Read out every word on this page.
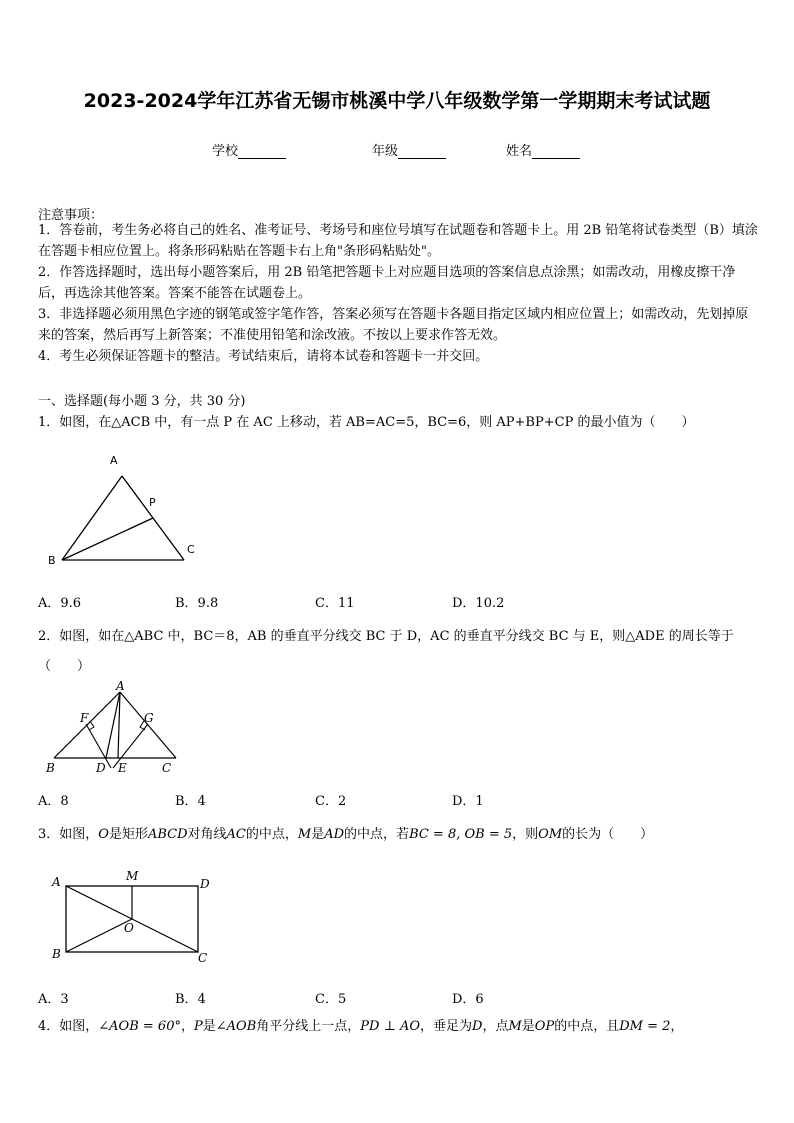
2023-2024学年江苏省无锡市桃溪中学八年级数学第一学期期末考试试题
学校	年级	姓名
注意事项：
1．答卷前，考生务必将自己的姓名、准考证号、考场号和座位号填写在试题卷和答题卡上。用 2B 铅笔将试卷类型（B）填涂在答题卡相应位置上。将条形码粘贴在答题卡右上角"条形码粘贴处"。
2．作答选择题时，选出每小题答案后，用 2B 铅笔把答题卡上对应题目选项的答案信息点涂黑；如需改动，用橡皮擦干净后，再选涂其他答案。答案不能答在试题卷上。
3．非选择题必须用黑色字迹的钢笔或签字笔作答，答案必须写在答题卡各题目指定区域内相应位置上；如需改动，先划掉原来的答案，然后再写上新答案；不准使用铅笔和涂改液。不按以上要求作答无效。
4．考生必须保证答题卡的整洁。考试结束后，请将本试卷和答题卡一并交回。
一、选择题(每小题 3 分，共 30 分)
1．如图，在△ACB 中，有一点 P 在 AC 上移动，若 AB=AC=5，BC=6，则 AP+BP+CP 的最小值为（　　）
A
B
C
P
A．9.6	B．9.8	C．11	D．10.2
2．如图，如在△ABC 中，BC＝8，AB 的垂直平分线交 BC 于 D，AC 的垂直平分线交 BC 与 E，则△ADE 的周长等于（　　）
A
B	C
D E
F	G
A．8	B．4	C．2	D．1
3．如图，O是矩形ABCD对角线AC的中点，M是AD的中点，若BC = 8, OB = 5，则OM的长为（　　）
A
B	C
D
M
O
A．3	B．4	C．5	D．6
4．如图，∠AOB = 60°，P是∠AOB角平分线上一点，PD ⊥ AO，垂足为D，点M是OP的中点，且DM = 2，
